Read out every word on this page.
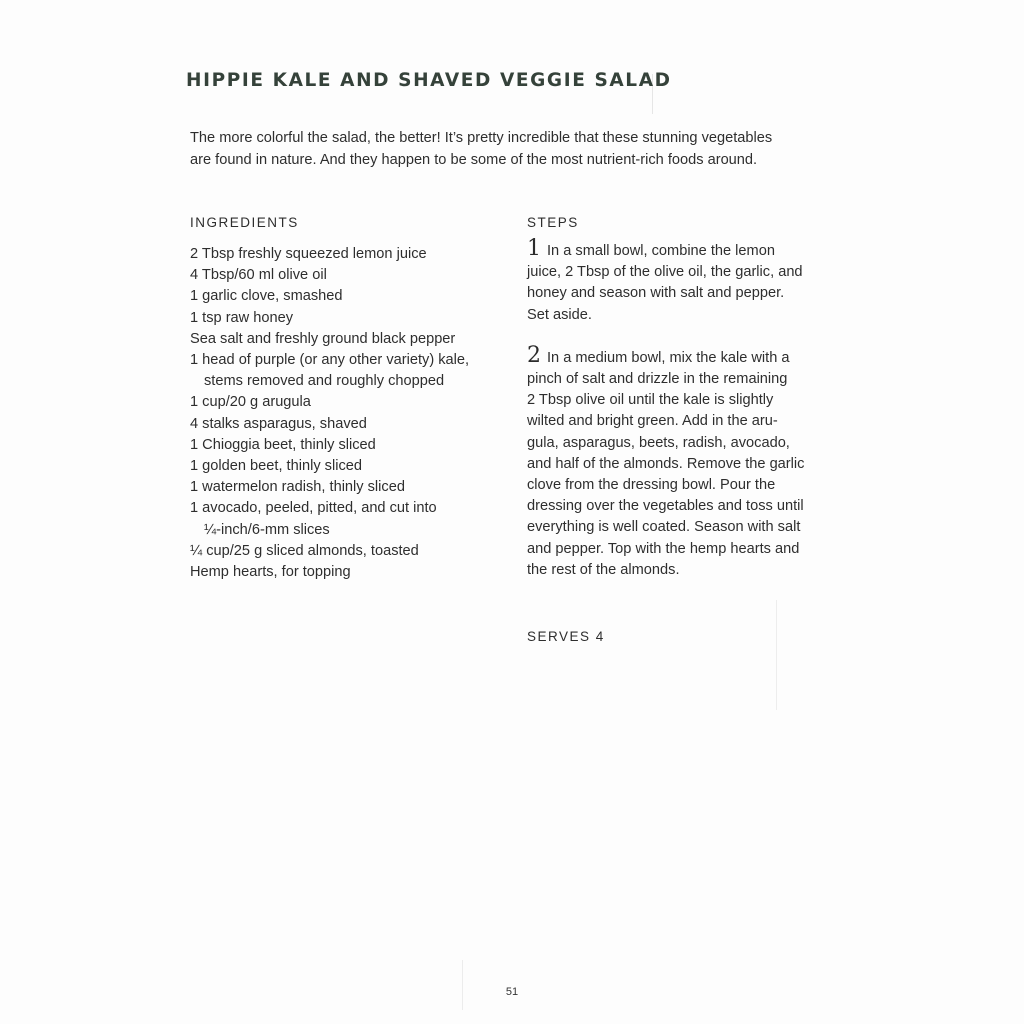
HIPPIE KALE AND SHAVED VEGGIE SALAD

The more colorful the salad, the better! It’s pretty incredible that these stunning vegetables
are found in nature. And they happen to be some of the most nutrient-rich foods around.

INGREDIENTS
2 Tbsp freshly squeezed lemon juice
4 Tbsp/60 ml olive oil
1 garlic clove, smashed
1 tsp raw honey
Sea salt and freshly ground black pepper
1 head of purple (or any other variety) kale,
stems removed and roughly chopped
1 cup/20 g arugula
4 stalks asparagus, shaved
1 Chioggia beet, thinly sliced
1 golden beet, thinly sliced
1 watermelon radish, thinly sliced
1 avocado, peeled, pitted, and cut into
¼-inch/6-mm slices
¼ cup/25 g sliced almonds, toasted
Hemp hearts, for topping
STEPS
1 In a small bowl, combine the lemon
juice, 2 Tbsp of the olive oil, the garlic, and
honey and season with salt and pepper.
Set aside.
2 In a medium bowl, mix the kale with a
pinch of salt and drizzle in the remaining
2 Tbsp olive oil until the kale is slightly
wilted and bright green. Add in the aru-
gula, asparagus, beets, radish, avocado,
and half of the almonds. Remove the garlic
clove from the dressing bowl. Pour the
dressing over the vegetables and toss until
everything is well coated. Season with salt
and pepper. Top with the hemp hearts and
the rest of the almonds.
SERVES 4
51
